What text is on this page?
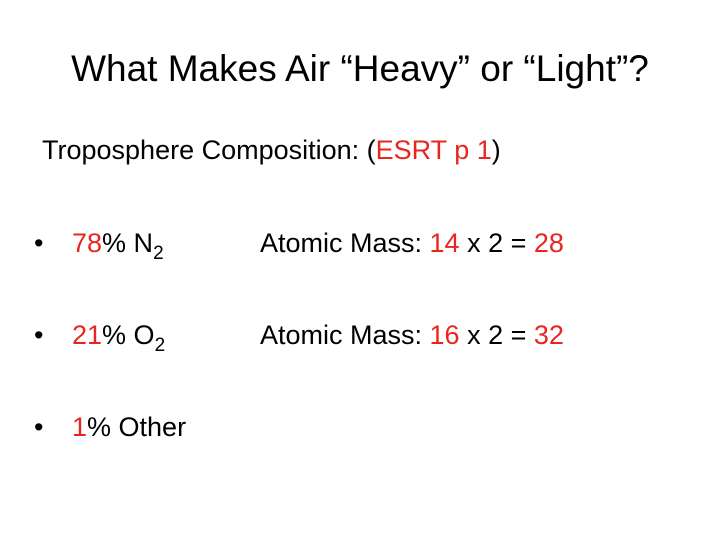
What Makes Air “Heavy” or “Light”?
Troposphere Composition: (ESRT p 1)
• 78% $N_2$	Atomic Mass: 14 x 2 = 28
• 21% $O_2$	Atomic Mass: 16 x 2 = 32
• 1% Other
